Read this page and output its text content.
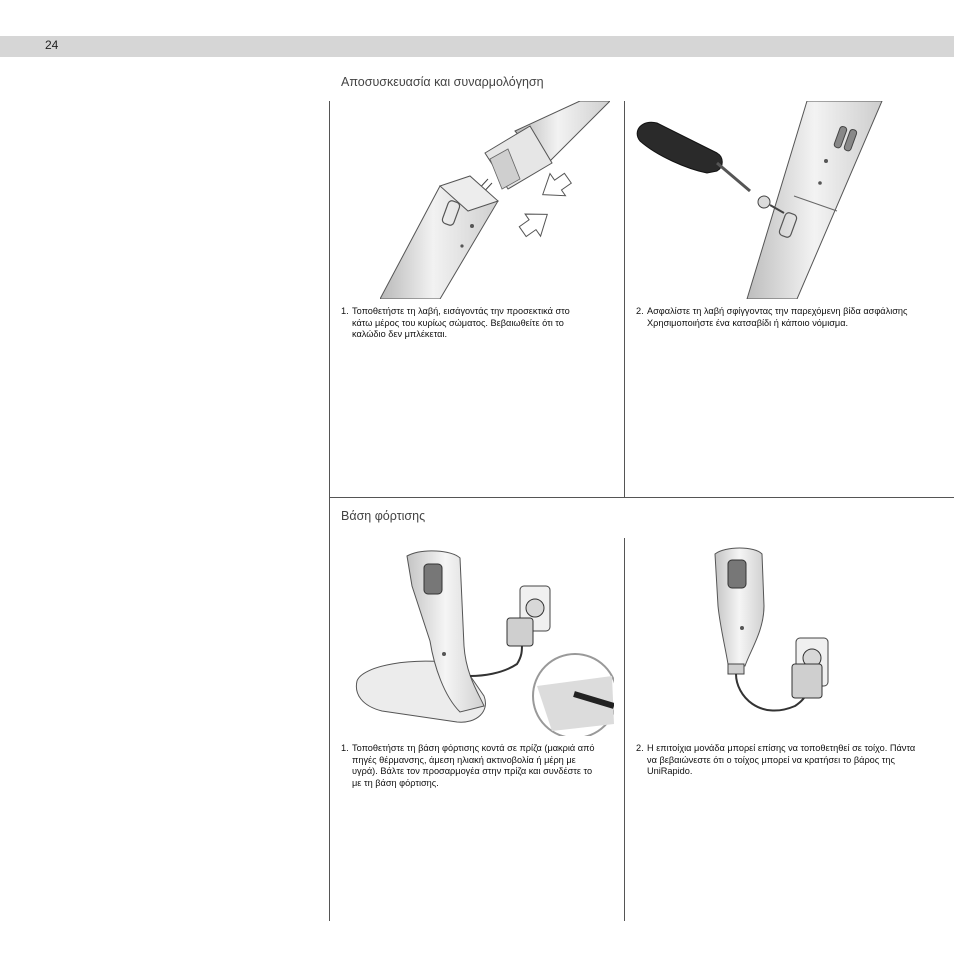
24
Αποσυσκευασία και συναρμολόγηση
Βάση φόρτισης
1. Τοποθετήστε τη λαβή, εισάγοντάς την προσεκτικά στο κάτω μέρος του κυρίως σώματος. Βεβαιωθείτε ότι το καλώδιο δεν μπλέκεται.
2. Ασφαλίστε τη λαβή σφίγγοντας την παρεχόμενη βίδα ασφάλισης Χρησιμοποιήστε ένα κατσαβίδι ή κάποιο νόμισμα.
1. Τοποθετήστε τη βάση φόρτισης κοντά σε πρίζα (μακριά από πηγές θέρμανσης, άμεση ηλιακή ακτινοβολία ή μέρη με υγρά). Βάλτε τον προσαρμογέα στην πρίζα και συνδέστε το με τη βάση φόρτισης.
2. Η επιτοίχια μονάδα μπορεί επίσης να τοποθετηθεί σε τοίχο. Πάντα να βεβαιώνεστε ότι ο τοίχος μπορεί να κρατήσει το βάρος της UniRapido.
